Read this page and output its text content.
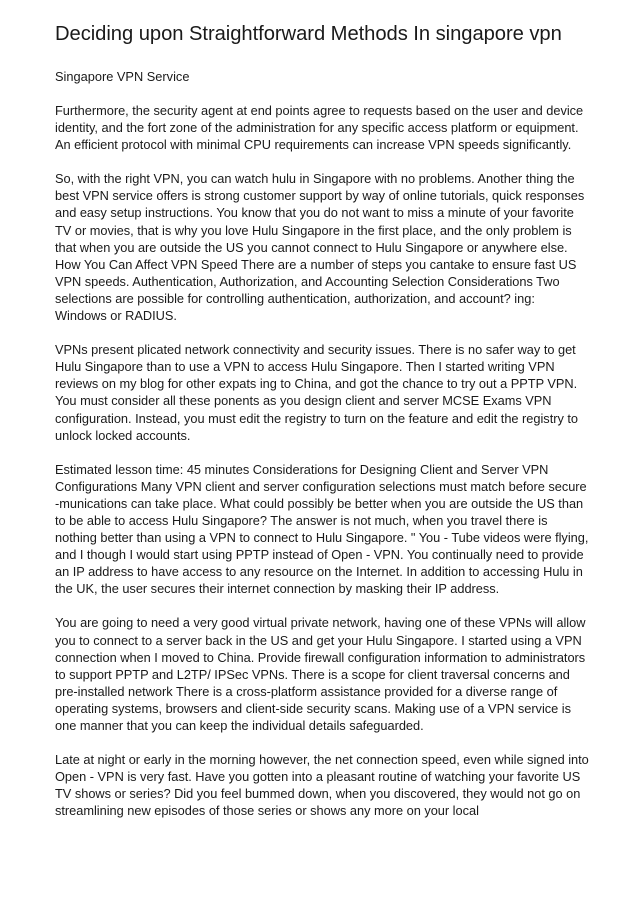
Deciding upon Straightforward Methods In singapore vpn

Singapore VPN Service

Furthermore, the security agent at end points agree to requests based on the user and device identity, and the fort zone of the administration for any specific access platform or equipment. An efficient protocol with minimal CPU requirements can increase VPN speeds significantly.

So, with the right VPN, you can watch hulu in Singapore with no problems. Another thing the best VPN service offers is strong customer support by way of online tutorials, quick responses and easy setup instructions. You know that you do not want to miss a minute of your favorite TV or movies, that is why you love Hulu Singapore in the first place, and the only problem is that when you are outside the US you cannot connect to Hulu Singapore or anywhere else. How You Can Affect VPN Speed There are a number of steps you cantake to ensure fast US VPN speeds. Authentication, Authorization, and Accounting Selection Considerations Two selections are possible for controlling authentication, authorization, and account? ing: Windows or RADIUS.

VPNs present plicated network connectivity and security issues. There is no safer way to get Hulu Singapore than to use a VPN to access Hulu Singapore. Then I started writing VPN reviews on my blog for other expats ing to China, and got the chance to try out a PPTP VPN. You must consider all these ponents as you design client and server MCSE Exams VPN configuration. Instead, you must edit the registry to turn on the feature and edit the registry to unlock locked accounts.

Estimated lesson time: 45 minutes Considerations for Designing Client and Server VPN Configurations Many VPN client and server configuration selections must match before secure -munications can take place. What could possibly be better when you are outside the US than to be able to access Hulu Singapore? The answer is not much, when you travel there is nothing better than using a VPN to connect to Hulu Singapore. " You - Tube videos were flying, and I though I would start using PPTP instead of Open - VPN. You continually need to provide an IP address to have access to any resource on the Internet. In addition to accessing Hulu in the UK, the user secures their internet connection by masking their IP address.

You are going to need a very good virtual private network, having one of these VPNs will allow you to connect to a server back in the US and get your Hulu Singapore. I started using a VPN connection when I moved to China. Provide firewall configuration information to administrators to support PPTP and L2TP/ IPSec VPNs. There is a scope for client traversal concerns and pre-installed network There is a cross-platform assistance provided for a diverse range of operating systems, browsers and client-side security scans. Making use of a VPN service is one manner that you can keep the individual details safeguarded.

Late at night or early in the morning however, the net connection speed, even while signed into Open - VPN is very fast. Have you gotten into a pleasant routine of watching your favorite US TV shows or series? Did you feel bummed down, when you discovered, they would not go on streamlining new episodes of those series or shows any more on your local
